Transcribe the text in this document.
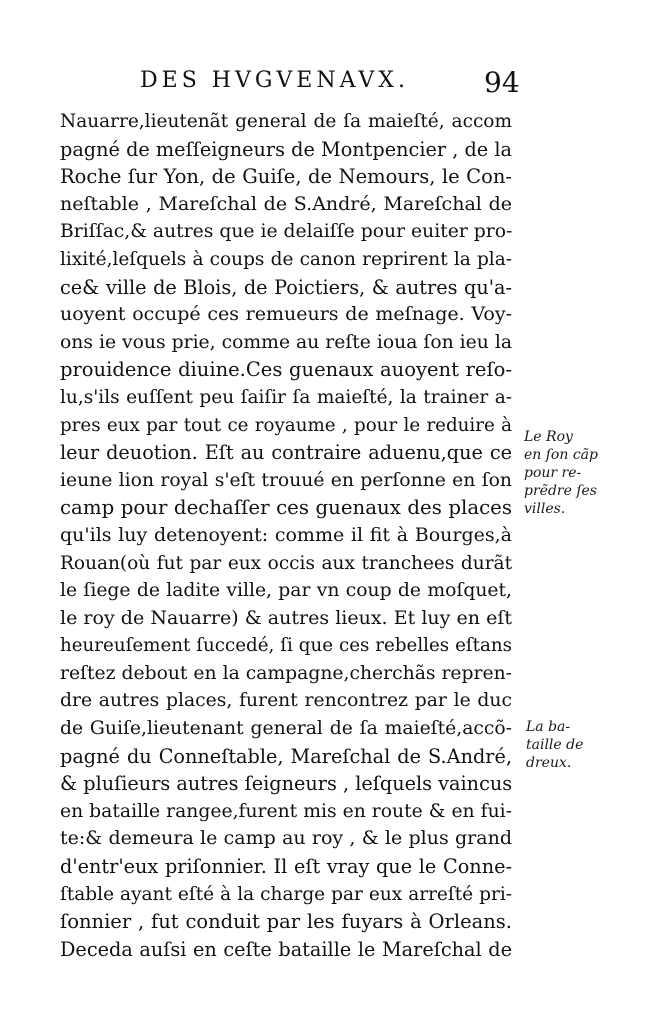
DES HVGVENAVX.	94
Nauarre,lieutenãt general de ſa maieſté, accom
pagné de meſſeigneurs de Montpencier , de la
Roche ſur Yon, de Guiſe, de Nemours, le Con-
neſtable , Mareſchal de S.André, Mareſchal de
Briſſac,& autres que ie delaiſſe pour euiter pro-
lixité,leſquels à coups de canon reprirent la pla-
ce& ville de Blois, de Poictiers, & autres qu'a-
uoyent occupé ces remueurs de meſnage. Voy-
ons ie vous prie, comme au reſte ioua ſon ieu la
prouidence diuine.Ces guenaux auoyent reſo-
lu,s'ils euſſent peu ſaiſir ſa maieſté, la trainer a-
pres eux par tout ce royaume , pour le reduire à
leur deuotion. Eſt au contraire aduenu,que ce
ieune lion royal s'eſt trouué en perſonne en ſon
camp pour dechaſſer ces guenaux des places
qu'ils luy detenoyent: comme il fit à Bourges,à
Rouan(où fut par eux occis aux tranchees durãt
le ſiege de ladite ville, par vn coup de moſquet,
le roy de Nauarre) & autres lieux. Et luy en eſt
heureuſement ſuccedé, ſi que ces rebelles eſtans
reſtez debout en la campagne,cherchãs repren-
dre autres places, furent rencontrez par le duc
de Guiſe,lieutenant general de ſa maieſté,accõ-
pagné du Conneſtable, Mareſchal de S.André,
& pluſieurs autres ſeigneurs , leſquels vaincus
en bataille rangee,furent mis en route & en fui-
te:& demeura le camp au roy , & le plus grand
d'entr'eux priſonnier. Il eſt vray que le Conne-
ſtable ayant eſté à la charge par eux arreſté pri-
ſonnier , fut conduit par les fuyars à Orleans.
Deceda auſsi en ceſte bataille le Mareſchal de
Le Roy
en ſon cãp
pour re-
prẽdre ſes
villes.
La ba-
taille de
dreux.
